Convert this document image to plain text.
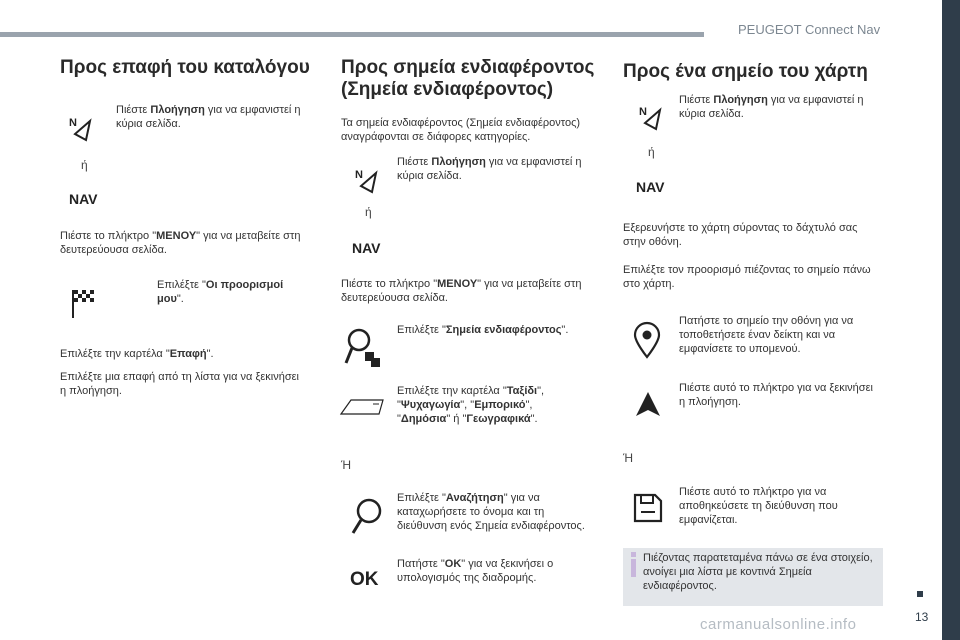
PEUGEOT Connect Nav
13
carmanualsonline.info
Προς επαφή του καταλόγου
N

Πιέστε Πλοήγηση για να εμφανιστεί η κύρια σελίδα.

ή
NAV

Πιέστε το πλήκτρο "ΜΕΝΟΥ" για να μεταβείτε στη δευτερεύουσα σελίδα.

Επιλέξτε "Οι προορισμοί μου".

Επιλέξτε την καρτέλα "Επαφή".

Επιλέξτε μια επαφή από τη λίστα για να ξεκινήσει η πλοήγηση.

Προς σημεία ενδιαφέροντος (Σημεία ενδιαφέροντος)

Τα σημεία ενδιαφέροντος (Σημεία ενδιαφέροντος) αναγράφονται σε διάφορες κατηγορίες.

N

Πιέστε Πλοήγηση για να εμφανιστεί η κύρια σελίδα.

ή
NAV

Πιέστε το πλήκτρο "ΜΕΝΟΥ" για να μεταβείτε στη δευτερεύουσα σελίδα.

Επιλέξτε "Σημεία ενδιαφέροντος".

Επιλέξτε την καρτέλα "Ταξίδι", "Ψυχαγωγία", "Εμπορικό", "Δημόσια" ή "Γεωγραφικά".

Ή

Επιλέξτε "Αναζήτηση" για να καταχωρήσετε το όνομα και τη διεύθυνση ενός Σημεία ενδιαφέροντος.

OK

Πατήστε "OK" για να ξεκινήσει ο υπολογισμός της διαδρομής.

Προς ένα σημείο του χάρτη
N

Πιέστε Πλοήγηση για να εμφανιστεί η κύρια σελίδα.

ή
NAV

Εξερευνήστε το χάρτη σύροντας το δάχτυλό σας στην οθόνη.

Επιλέξτε τον προορισμό πιέζοντας το σημείο πάνω στο χάρτη.

Πατήστε το σημείο την οθόνη για να τοποθετήσετε έναν δείκτη και να εμφανίσετε το υπομενού.

Πιέστε αυτό το πλήκτρο για να ξεκινήσει η πλοήγηση.

Ή

Πιέστε αυτό το πλήκτρο για να αποθηκεύσετε τη διεύθυνση που εμφανίζεται.

Πιέζοντας παρατεταμένα πάνω σε ένα στοιχείο, ανοίγει μια λίστα με κοντινά Σημεία ενδιαφέροντος.
